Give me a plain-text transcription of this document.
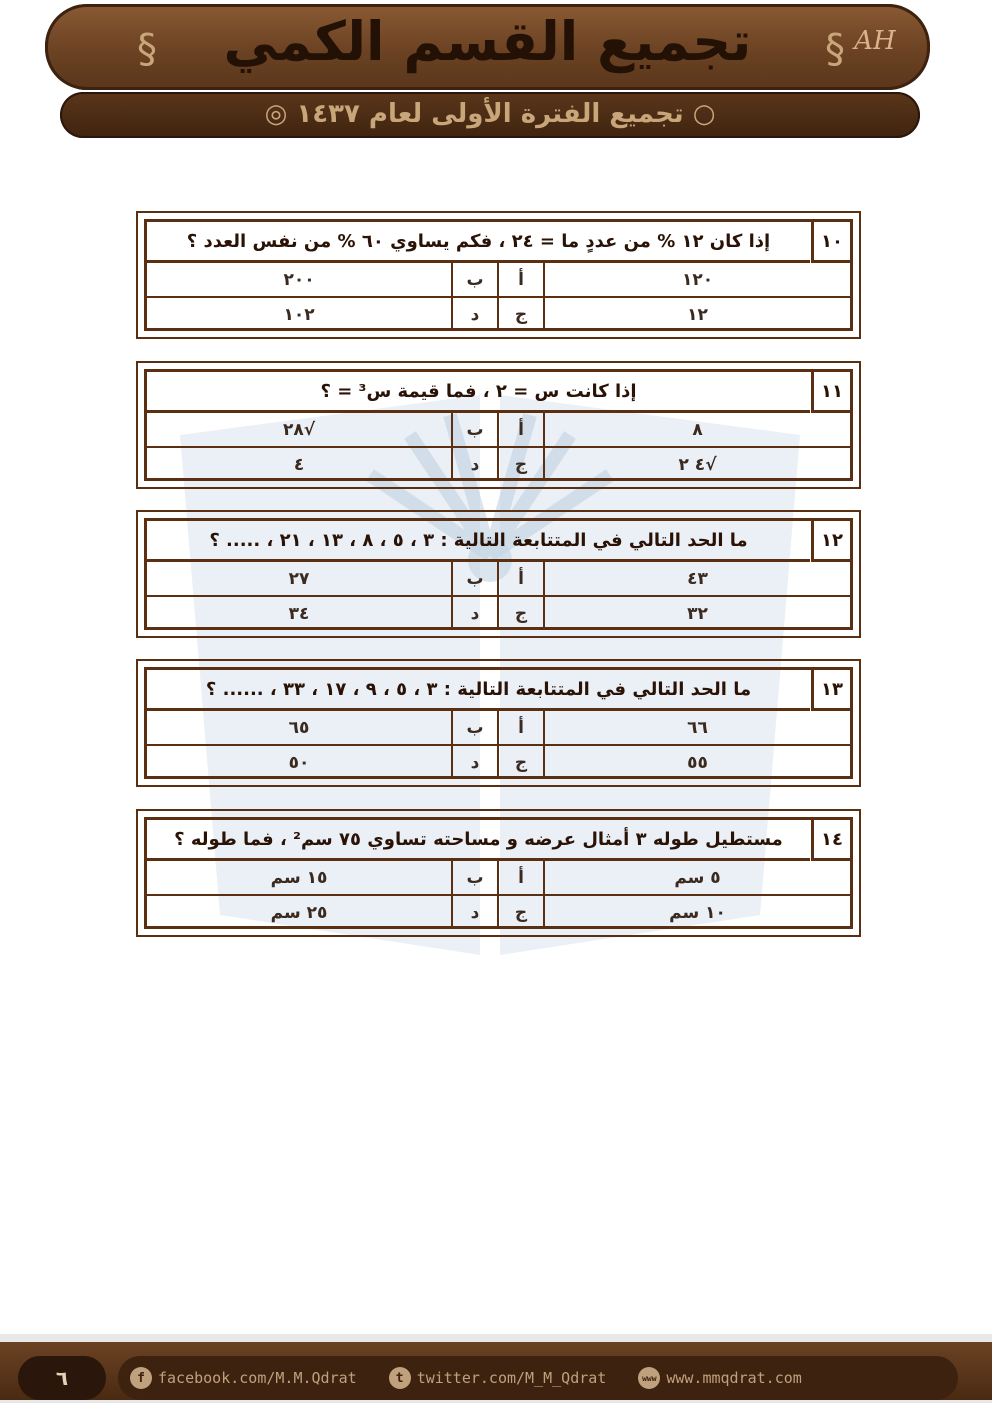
§	تجميع القسم الكمي	§ AH
○ تجميع الفترة الأولى لعام ١٤٣٧ ◎
١٠
إذا كان ١٢ % من عددٍ ما = ٢٤ ، فكم يساوي ٦٠ % من نفس العدد ؟
٢٠٠	ب	أ	١٢٠
١٠٢	د	ج	١٢
١١
إذا كانت س = ٢ ، فما قيمة س³ = ؟
√٢٨	ب	أ	٨
٤	د	ج	√٤ ٢
١٢
ما الحد التالي في المتتابعة التالية : ٣ ، ٥ ، ٨ ، ١٣ ، ٢١ ، ..... ؟
٢٧	ب	أ	٤٣
٣٤	د	ج	٣٢
١٣
ما الحد التالي في المتتابعة التالية : ٣ ، ٥ ، ٩ ، ١٧ ، ٣٣ ، ...... ؟
٦٥	ب	أ	٦٦
٥٠	د	ج	٥٥
١٤
مستطيل طوله ٣ أمثال عرضه و مساحته تساوي ٧٥ سم² ، فما طوله ؟
١٥ سم	ب	أ	٥ سم
٢٥ سم	د	ج	١٠ سم
٦	f facebook.com/M.M.Qdrat	t twitter.com/M_M_Qdrat	www www.mmqdrat.com
